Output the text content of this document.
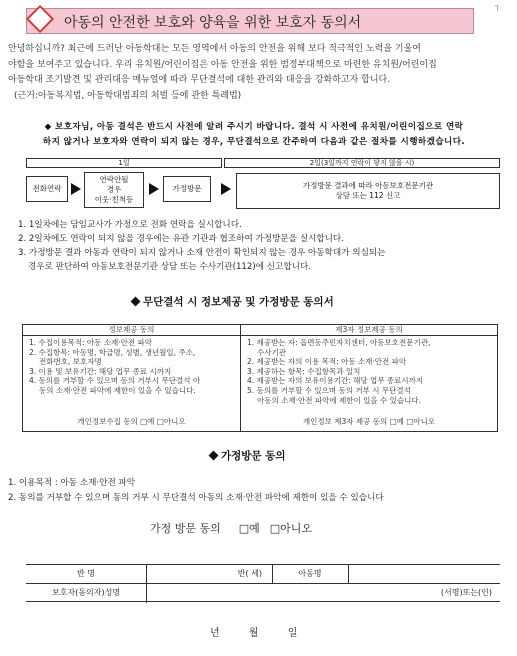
┐
아동의 안전한 보호와 양육을 위한 보호자 동의서

안녕하십니까? 최근에 드러난 아동학대는 모든 영역에서 아동의 안전을 위해 보다 적극적인 노력을 기울여

야함을 보여주고 있습니다. 우리 유치원/어린이집은 아동 안전을 위한 범정부대책으로 마련한 유치원/어린이집

아동학대 조기발견 및 관리대응 매뉴얼에 따라 무단결석에 대한 관리와 대응을 강화하고자 합니다.

(근거:아동복지법, 아동학대범죄의 처벌 등에 관한 특례법)

◆ 보호자님, 아동 결석은 반드시 사전에 알려 주시기 바랍니다. 결석 시 사전에 유치원/어린이집으로 연락

하지 않거나 보호자와 연락이 되지 않는 경우, 무단결석으로 간주하여 다음과 같은 절차를 시행하겠습니다.

1일	2일(3일까지 연락이 닿지 않을 시)
전화연락
연락안될
경우
이웃·친척등
가정방문	가정방문 결과에 따라 아동보호전문기관
상담 또는 112 신고
1. 1일차에는 담임교사가 가정으로 전화 연락을 실시합니다.
2. 2일차에도 연락이 되지 않을 경우에는 유관 기관과 협조하여 가정방문을 실시합니다.
3. 가정방문 결과 아동과 연락이 되지 않거나 소재 안전이 확인되지 않는 경우 아동학대가 의심되는
경우로 판단하여 아동보호전문기관 상담 또는 수사기관(112)에 신고합니다.
무단결석 시 정보제공 및 가정방문 동의서
정보제공 동의
1. 수집이용목적: 아동 소재·안전 파악
2. 수집항목: 아동명, 학급명, 성별, 생년월일, 주소,
전화번호, 보호자명
3. 이용 및 보유기간: 해당 업무 종료 시까지
4. 동의를 거부할 수 있으며 동의 거부시 무단결석 아
동의 소재·안전 파악에 제한이 있을 수 있습니다.
개인정보수집 동의 □예 □아니오
제3자 정보제공 동의
1. 제공받는 자: 읍면동주민자치센터, 아동보호전문기관,
수사기관
2. 제공받는 자의 이용 목적: 아동 소재·안전 파악
3. 제공하는 항목: 수집항목과 일치
4. 제공받는 자의 보유이용기간: 해당 업무 종료시까지
5. 동의를 거부할 수 있으며 동의 거부 시 무단결석
아동의 소재·안전 파악에 제한이 있을 수 있습니다.
개인정보 제3자 제공 동의 □예 □아니오
가정방문 동의

1. 이용목적 : 아동 소재·안전 파악

2. 동의를 거부할 수 있으며 동의 거부 시 무단결석 아동의 소재·안전 파악에 제한이 있을 수 있습니다

가정 방문 동의 □예 □아니오
반 명	반( 세)	아동명
보호자(동의자)성명	(서명)또는(인)
년	월	일
